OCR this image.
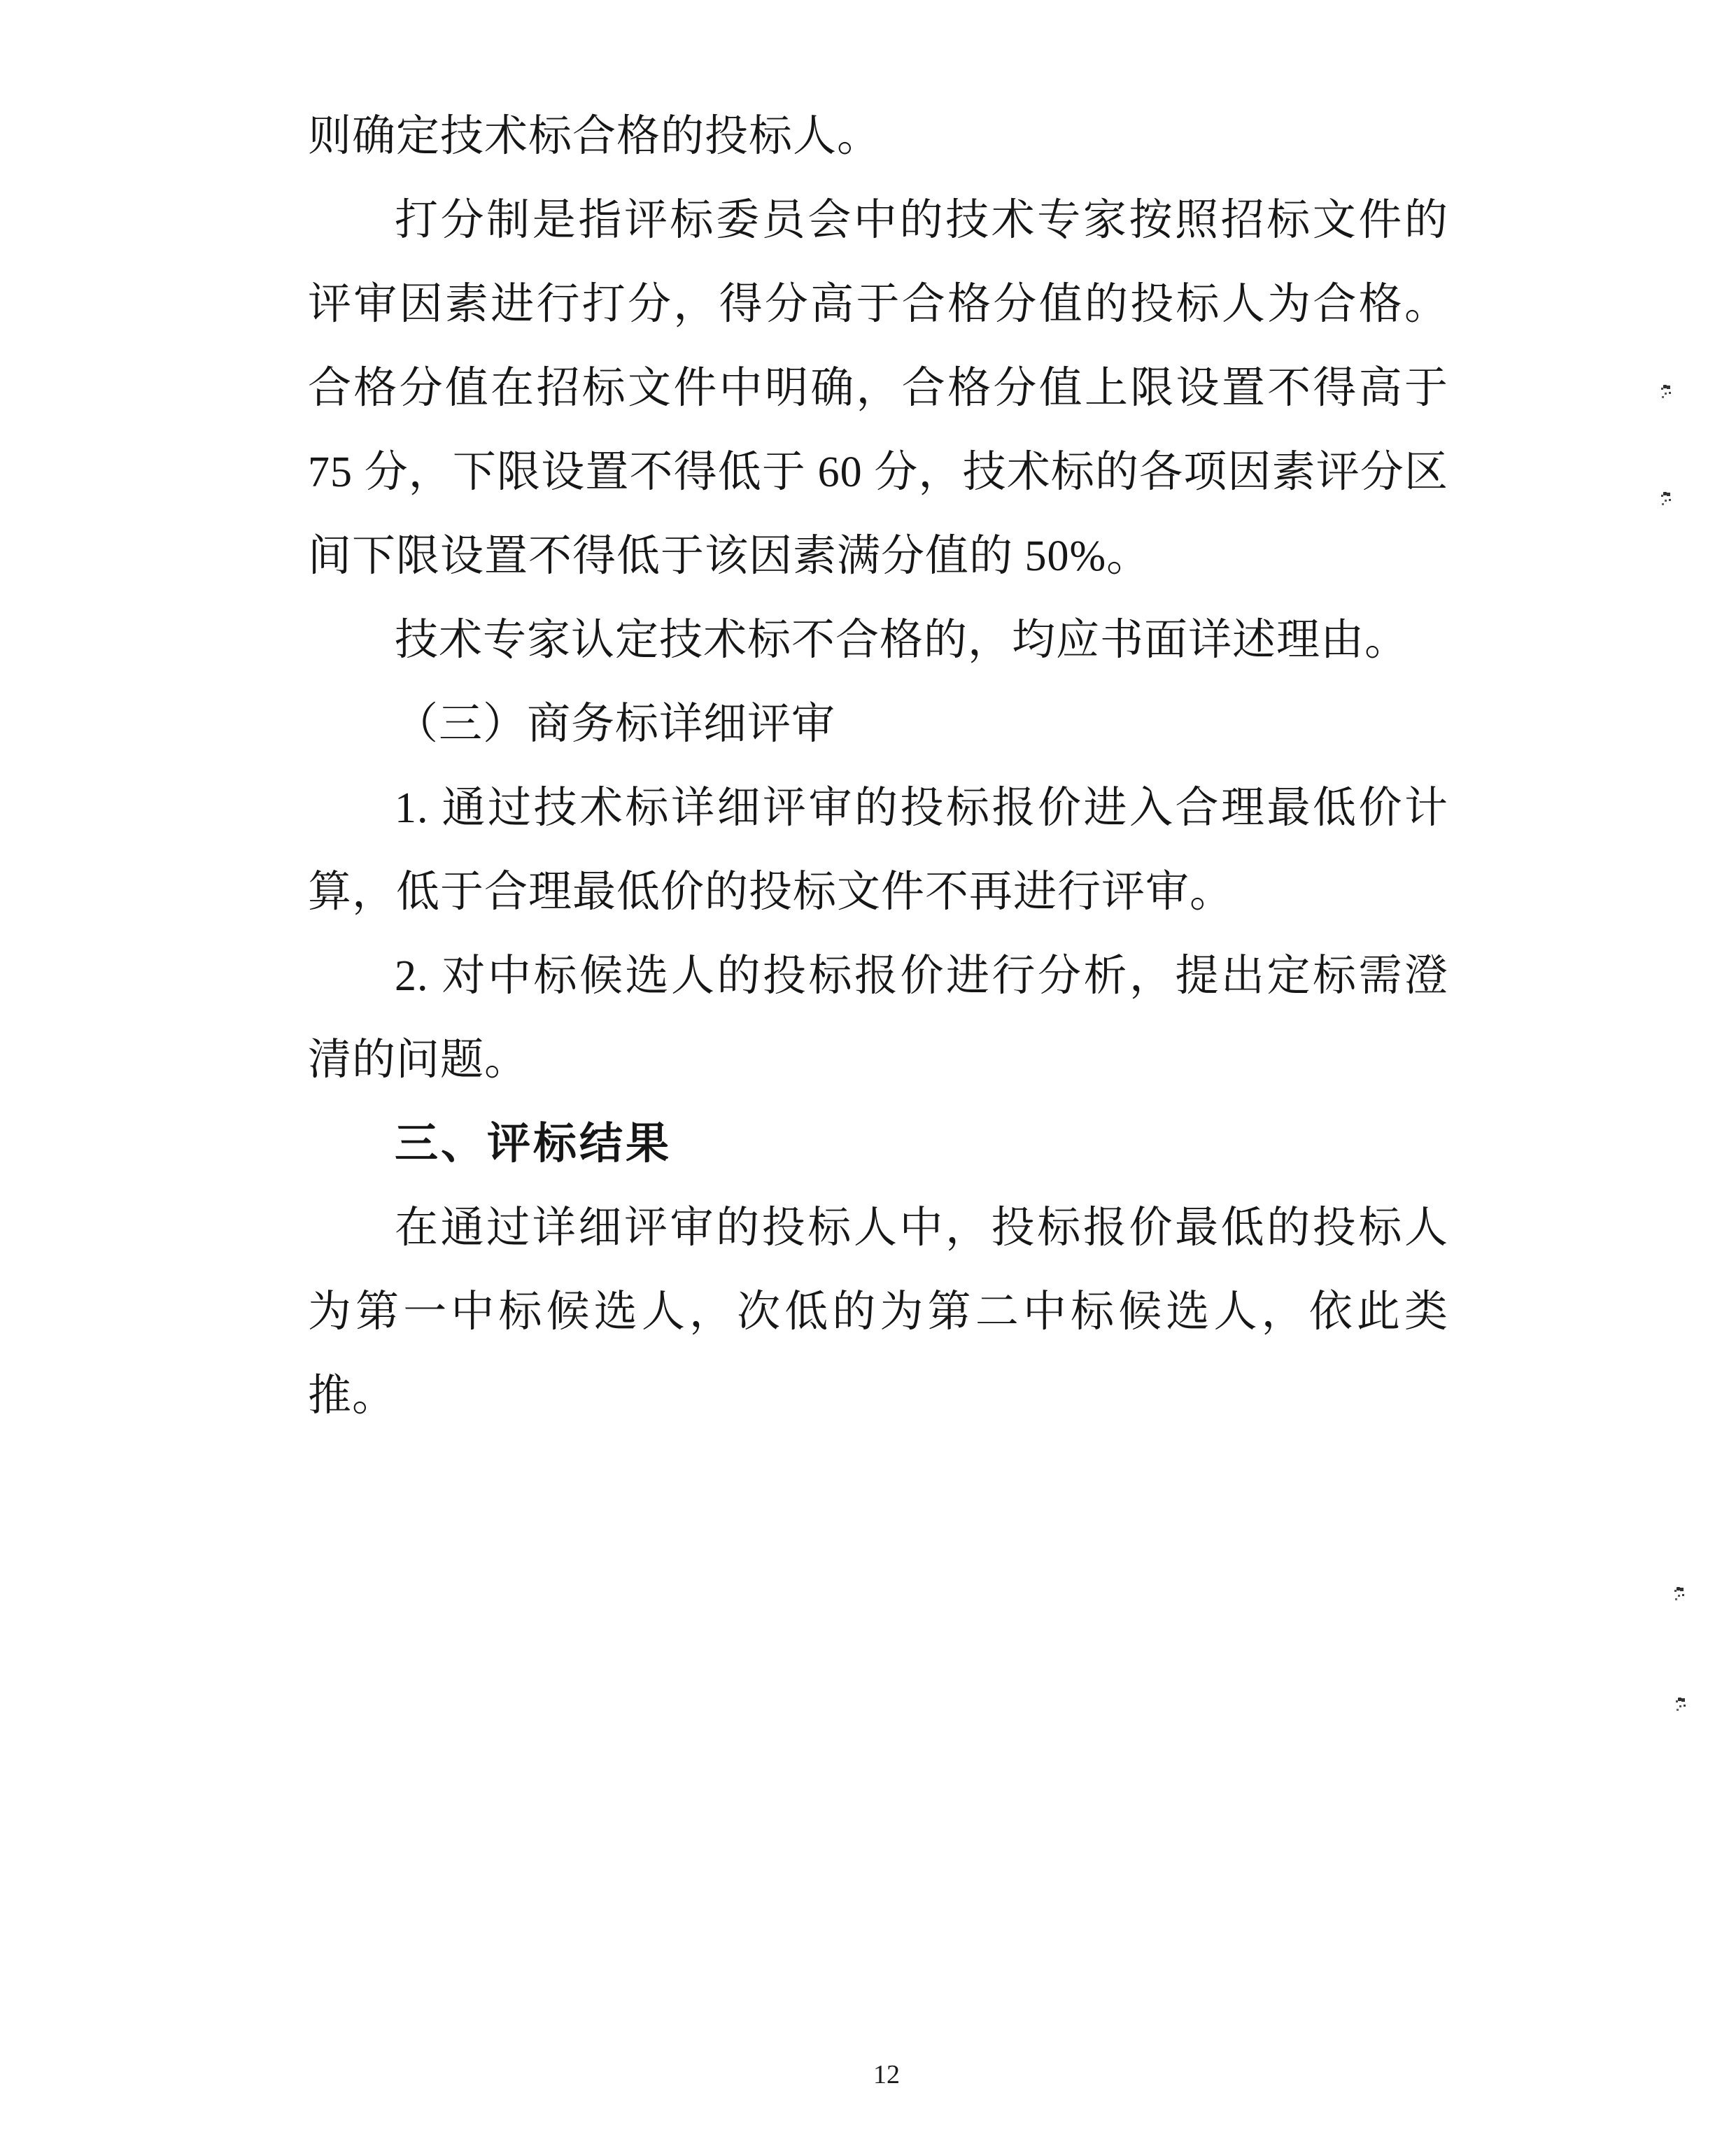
则确定技术标合格的投标人。
打分制是指评标委员会中的技术专家按照招标文件的
评审因素进行打分，得分高于合格分值的投标人为合格。
合格分值在招标文件中明确，合格分值上限设置不得高于
75 分，下限设置不得低于 60 分，技术标的各项因素评分区
间下限设置不得低于该因素满分值的 50%。
技术专家认定技术标不合格的，均应书面详述理由。
（三）商务标详细评审
1. 通过技术标详细评审的投标报价进入合理最低价计
算，低于合理最低价的投标文件不再进行评审。
2. 对中标候选人的投标报价进行分析，提出定标需澄
清的问题。
三、评标结果
在通过详细评审的投标人中，投标报价最低的投标人
为第一中标候选人，次低的为第二中标候选人，依此类
推。
12
